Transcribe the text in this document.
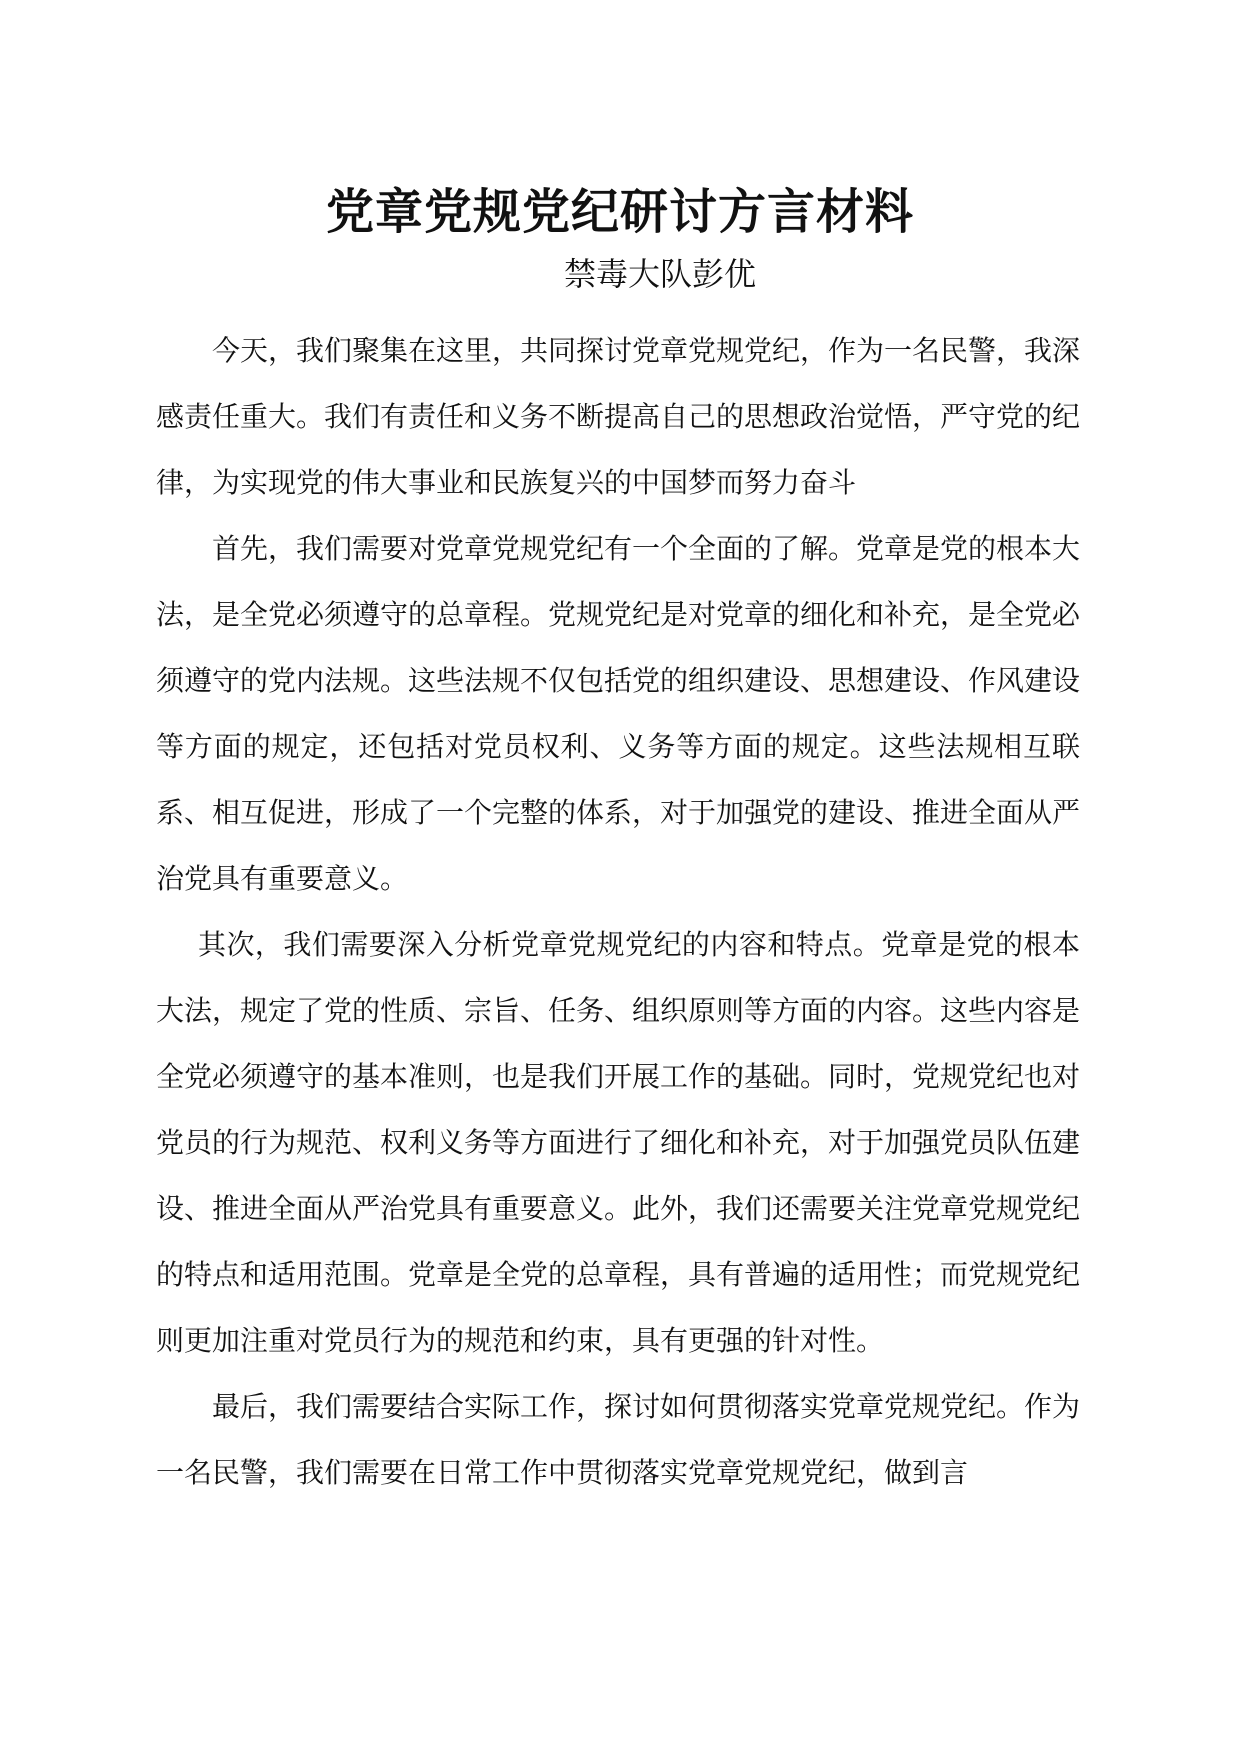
党章党规党纪研讨方言材料

禁毒大队彭优

今天，我们聚集在这里，共同探讨党章党规党纪，作为一名民警，我深感责任重大。我们有责任和义务不断提高自己的思想政治觉悟，严守党的纪律，为实现党的伟大事业和民族复兴的中国梦而努力奋斗

首先，我们需要对党章党规党纪有一个全面的了解。党章是党的根本大法，是全党必须遵守的总章程。党规党纪是对党章的细化和补充，是全党必须遵守的党内法规。这些法规不仅包括党的组织建设、思想建设、作风建设等方面的规定，还包括对党员权利、义务等方面的规定。这些法规相互联系、相互促进，形成了一个完整的体系，对于加强党的建设、推进全面从严治党具有重要意义。

其次，我们需要深入分析党章党规党纪的内容和特点。党章是党的根本大法，规定了党的性质、宗旨、任务、组织原则等方面的内容。这些内容是全党必须遵守的基本准则，也是我们开展工作的基础。同时，党规党纪也对党员的行为规范、权利义务等方面进行了细化和补充，对于加强党员队伍建设、推进全面从严治党具有重要意义。此外，我们还需要关注党章党规党纪的特点和适用范围。党章是全党的总章程，具有普遍的适用性；而党规党纪则更加注重对党员行为的规范和约束，具有更强的针对性。

最后，我们需要结合实际工作，探讨如何贯彻落实党章党规党纪。作为一名民警，我们需要在日常工作中贯彻落实党章党规党纪，做到言
